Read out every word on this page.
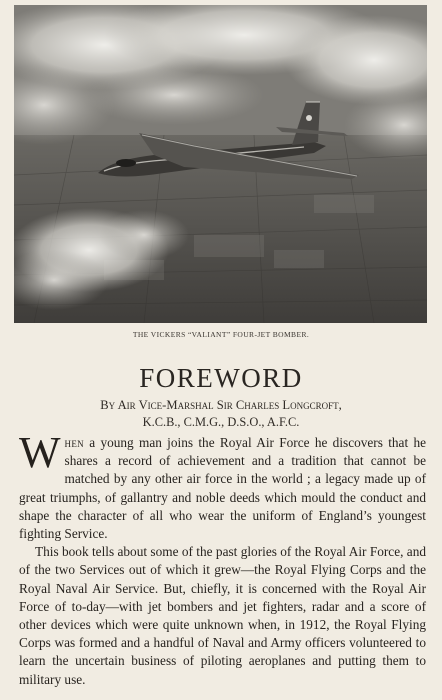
THE VICKERS “VALIANT” FOUR-JET BOMBER.
FOREWORD
By Air Vice-Marshal Sir Charles Longcroft,
K.C.B., C.M.G., D.S.O., A.F.C.

When a young man joins the Royal Air Force he discovers that he shares a record of achievement and a tradition that cannot be matched by any other air force in the world ; a legacy made up of great triumphs, of gallantry and noble deeds which mould the conduct and shape the character of all who wear the uniform of England’s youngest fighting Service.

This book tells about some of the past glories of the Royal Air Force, and of the two Services out of which it grew—the Royal Flying Corps and the Royal Naval Air Service. But, chiefly, it is concerned with the Royal Air Force of to-day—with jet bombers and jet fighters, radar and a score of other devices which were quite unknown when, in 1912, the Royal Flying Corps was formed and a handful of Naval and Army officers volunteered to learn the uncertain business of piloting aeroplanes and putting them to military use.
